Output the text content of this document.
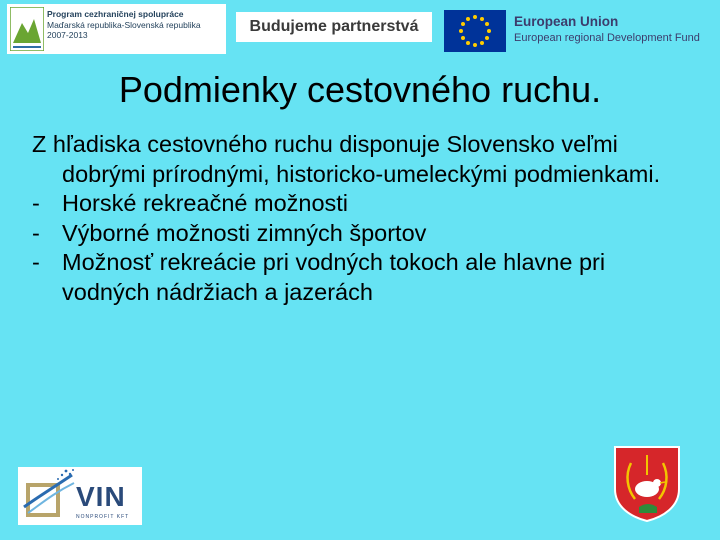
Program cezhraničnej spolupráce
Maďarská republika-Slovenská republika
2007-2013	Budujeme partnerstvá	European Union
European regional Development Fund
Podmienky cestovného ruchu.

Z hľadiska cestovného ruchu disponuje Slovensko veľmi dobrými prírodnými, historicko-umeleckými podmienkami.

- Horské rekreačné možnosti

- Výborné možnosti zimných športov

- Možnosť rekreácie pri vodných tokoch ale hlavne pri vodných nádržiach a jazerách

VIN
NONPROFIT KFT
